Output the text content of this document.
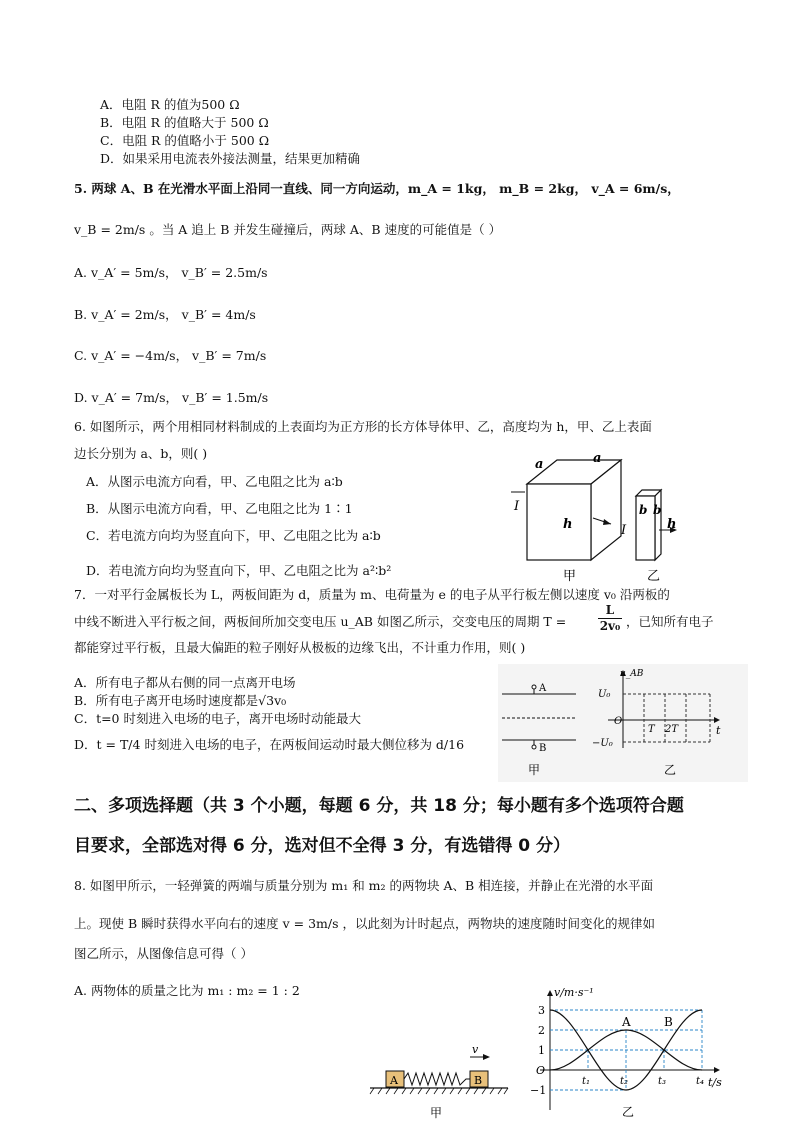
A．电阻 R 的值为500 Ω
B．电阻 R 的值略大于 500 Ω
C．电阻 R 的值略小于 500 Ω
D．如果采用电流表外接法测量，结果更加精确
5. 两球 A、B 在光滑水平面上沿同一直线、同一方向运动，m_A = 1kg， m_B = 2kg， v_A = 6m/s，
v_B = 2m/s 。当 A 追上 B 并发生碰撞后，两球 A、B 速度的可能值是（ ）
A. v_A′ = 5m/s， v_B′ = 2.5m/s
B. v_A′ = 2m/s， v_B′ = 4m/s
C. v_A′ = −4m/s， v_B′ = 7m/s
D. v_A′ = 7m/s， v_B′ = 1.5m/s
6. 如图所示，两个用相同材料制成的上表面均为正方形的长方体导体甲、乙，高度均为 h，甲、乙上表面
边长分别为 a、b，则( )
A．从图示电流方向看，甲、乙电阻之比为 a∶b
B．从图示电流方向看，甲、乙电阻之比为 1∶1
C．若电流方向均为竖直向下，甲、乙电阻之比为 a∶b
D．若电流方向均为竖直向下，甲、乙电阻之比为 a²∶b²
a	a
I
h	I
b b
h
甲	乙
7．一对平行金属板长为 L，两板间距为 d，质量为 m、电荷量为 e 的电子从平行板左侧以速度 v₀ 沿两板的
中线不断进入平行板之间，两板间所加交变电压 u_AB 如图乙所示，交变电压的周期 T =	$\frac{L}{\text{2v₀}}$ ，已知所有电子
都能穿过平行板，且最大偏距的粒子刚好从极板的边缘飞出，不计重力作用，则( )
A．所有电子都从右侧的同一点离开电场
B．所有电子离开电场时速度都是√3v₀
C．t=0 时刻进入电场的电子，离开电场时动能最大
D．t = T/4 时刻进入电场的电子，在两板间运动时最大侧位移为 d/16
A
B
甲
u_AB
U₀
O
−U₀
T 2T	t
乙
二、多项选择题（共 3 个小题，每题 6 分，共 18 分；每小题有多个选项符合题
目要求，全部选对得 6 分，选对但不全得 3 分，有选错得 0 分）
8. 如图甲所示，一轻弹簧的两端与质量分别为 m₁ 和 m₂ 的两物块 A、B 相连接，并静止在光滑的水平面
上。现使 B 瞬时获得水平向右的速度 v = 3m/s ，以此刻为计时起点，两物块的速度随时间变化的规律如
图乙所示，从图像信息可得（ ）
A. 两物体的质量之比为 m₁ : m₂ = 1 : 2
v
A	B
甲
A	B
v/m·s⁻¹
t/s
3
2
1
O
−1
t₁	t₂	t₃	t₄
乙
